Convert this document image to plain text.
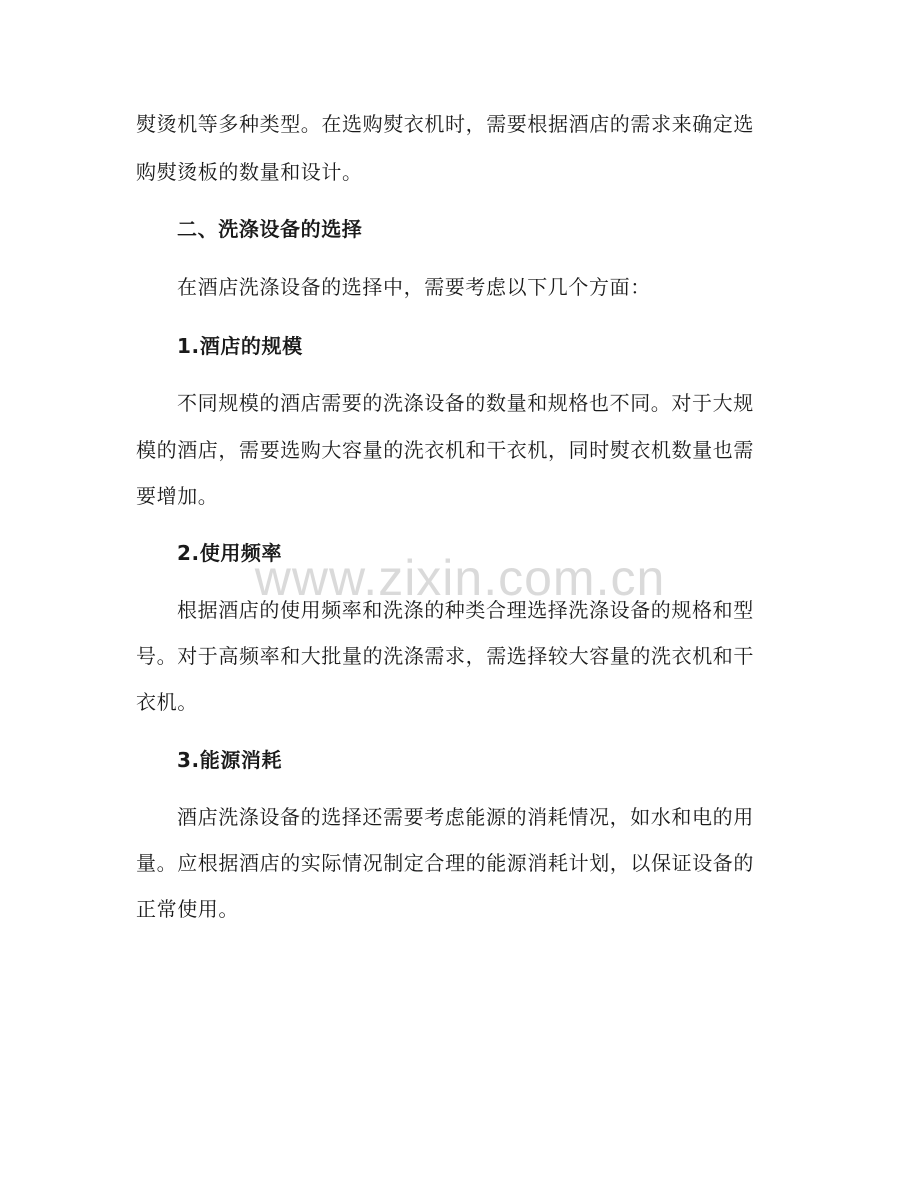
熨烫机等多种类型。在选购熨衣机时，需要根据酒店的需求来确定选
购熨烫板的数量和设计。
二、洗涤设备的选择
在酒店洗涤设备的选择中，需要考虑以下几个方面：
1.酒店的规模
不同规模的酒店需要的洗涤设备的数量和规格也不同。对于大规
模的酒店，需要选购大容量的洗衣机和干衣机，同时熨衣机数量也需
要增加。
2.使用频率
根据酒店的使用频率和洗涤的种类合理选择洗涤设备的规格和型
号。对于高频率和大批量的洗涤需求，需选择较大容量的洗衣机和干
衣机。
3.能源消耗
酒店洗涤设备的选择还需要考虑能源的消耗情况，如水和电的用
量。应根据酒店的实际情况制定合理的能源消耗计划，以保证设备的
正常使用。
www.zixin.com.cn
